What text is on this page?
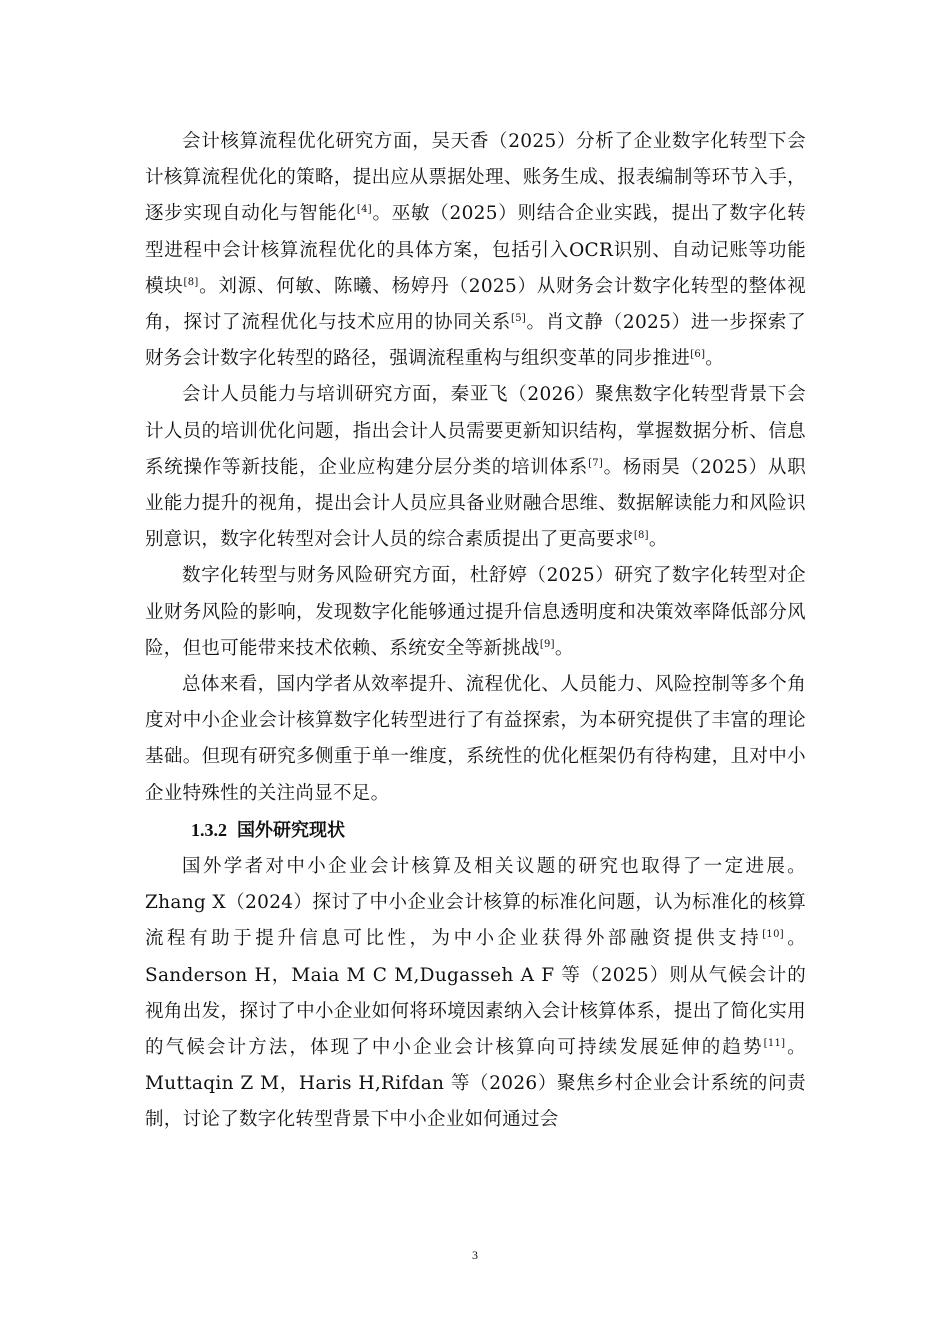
会计核算流程优化研究方面，吴天香（2025）分析了企业数字化转型下会计核算流程优化的策略，提出应从票据处理、账务生成、报表编制等环节入手，逐步实现自动化与智能化[4]。巫敏（2025）则结合企业实践，提出了数字化转型进程中会计核算流程优化的具体方案，包括引入OCR识别、自动记账等功能模块[8]。刘源、何敏、陈曦、杨婷丹（2025）从财务会计数字化转型的整体视角，探讨了流程优化与技术应用的协同关系[5]。肖文静（2025）进一步探索了财务会计数字化转型的路径，强调流程重构与组织变革的同步推进[6]。

会计人员能力与培训研究方面，秦亚飞（2026）聚焦数字化转型背景下会计人员的培训优化问题，指出会计人员需要更新知识结构，掌握数据分析、信息系统操作等新技能，企业应构建分层分类的培训体系[7]。杨雨昊（2025）从职业能力提升的视角，提出会计人员应具备业财融合思维、数据解读能力和风险识别意识，数字化转型对会计人员的综合素质提出了更高要求[8]。

数字化转型与财务风险研究方面，杜舒婷（2025）研究了数字化转型对企业财务风险的影响，发现数字化能够通过提升信息透明度和决策效率降低部分风险，但也可能带来技术依赖、系统安全等新挑战[9]。

总体来看，国内学者从效率提升、流程优化、人员能力、风险控制等多个角度对中小企业会计核算数字化转型进行了有益探索，为本研究提供了丰富的理论基础。但现有研究多侧重于单一维度，系统性的优化框架仍有待构建，且对中小企业特殊性的关注尚显不足。

1.3.2 国外研究现状

国外学者对中小企业会计核算及相关议题的研究也取得了一定进展。Zhang X（2024）探讨了中小企业会计核算的标准化问题，认为标准化的核算流程有助于提升信息可比性，为中小企业获得外部融资提供支持[10]。Sanderson H，Maia M C M,Dugasseh A F 等（2025）则从气候会计的视角出发，探讨了中小企业如何将环境因素纳入会计核算体系，提出了简化实用的气候会计方法，体现了中小企业会计核算向可持续发展延伸的趋势[11]。Muttaqin Z M，Haris H,Rifdan 等（2026）聚焦乡村企业会计系统的问责制，讨论了数字化转型背景下中小企业如何通过会

3
